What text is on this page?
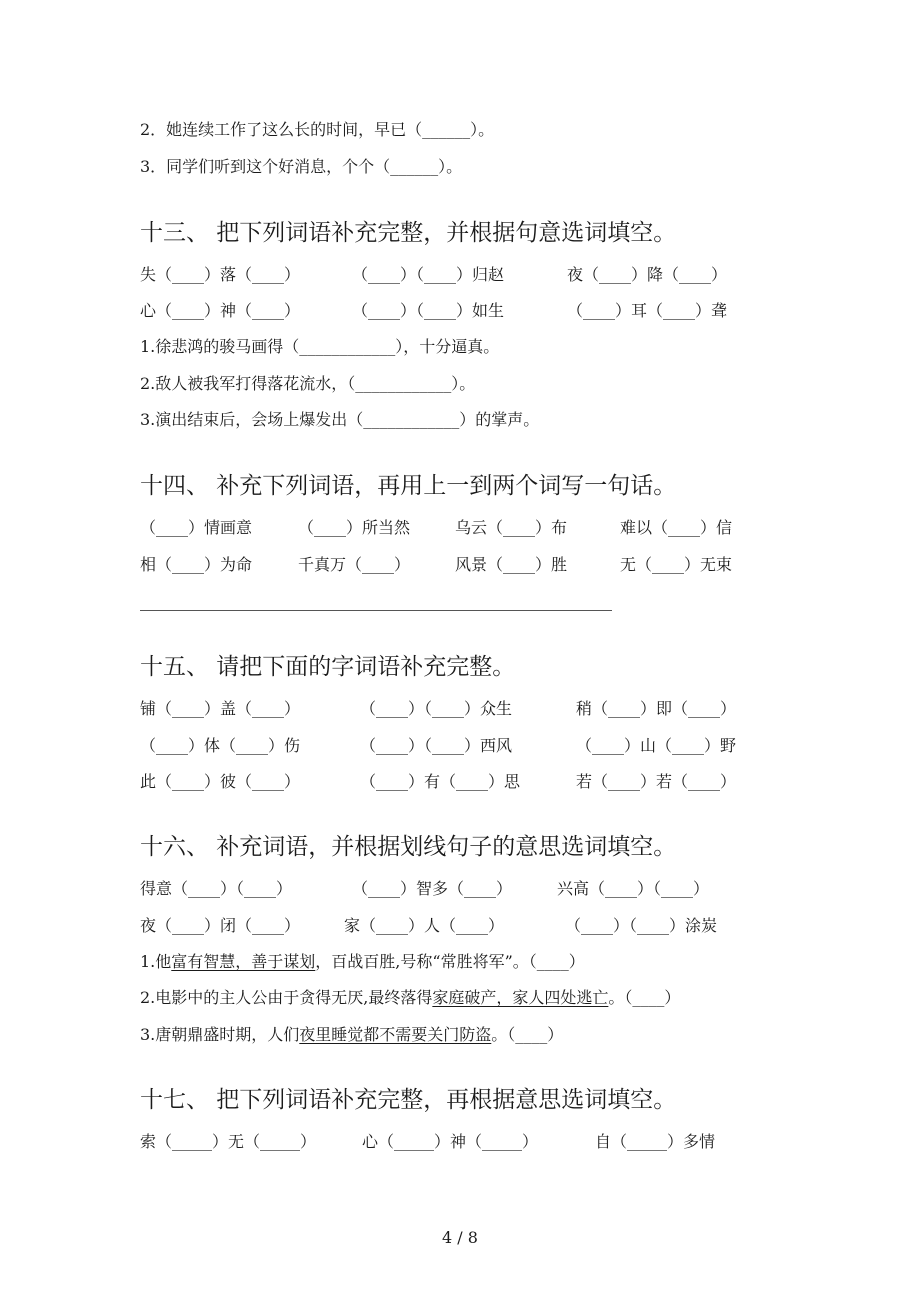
2．她连续工作了这么长的时间，早已（______）。
3．同学们听到这个好消息，个个（______）。
十三、 把下列词语补充完整，并根据句意选词填空。
失（____）落（____）	（____）（____）归赵	夜（____）降（____）
心（____）神（____）	（____）（____）如生	（____）耳（____）聋
1.徐悲鸿的骏马画得（____________），十分逼真。
2.敌人被我军打得落花流水，（____________）。
3.演出结束后，会场上爆发出（____________）的掌声。
十四、 补充下列词语，再用上一到两个词写一句话。
（____）情画意	（____）所当然	乌云（____）布	难以（____）信
相（____）为命	千真万（____）	风景（____）胜	无（____）无束
十五、 请把下面的字词语补充完整。
铺（____）盖（____）	（____）（____）众生	稍（____）即（____）
（____）体（____）伤	（____）（____）西风	（____）山（____）野
此（____）彼（____）	（____）有（____）思	若（____）若（____）
十六、 补充词语，并根据划线句子的意思选词填空。
得意（____）（____）	（____）智多（____）	兴高（____）（____）
夜（____）闭（____）	家（____）人（____）	（____）（____）涂炭
1.他富有智慧，善于谋划，百战百胜,号称“常胜将军”。（____）
2.电影中的主人公由于贪得无厌,最终落得家庭破产，家人四处逃亡。（____）
3.唐朝鼎盛时期，人们夜里睡觉都不需要关门防盗。（____）
十七、 把下列词语补充完整，再根据意思选词填空。
索（_____）无（_____）	心（_____）神（_____）	自（_____）多情
4 / 8
